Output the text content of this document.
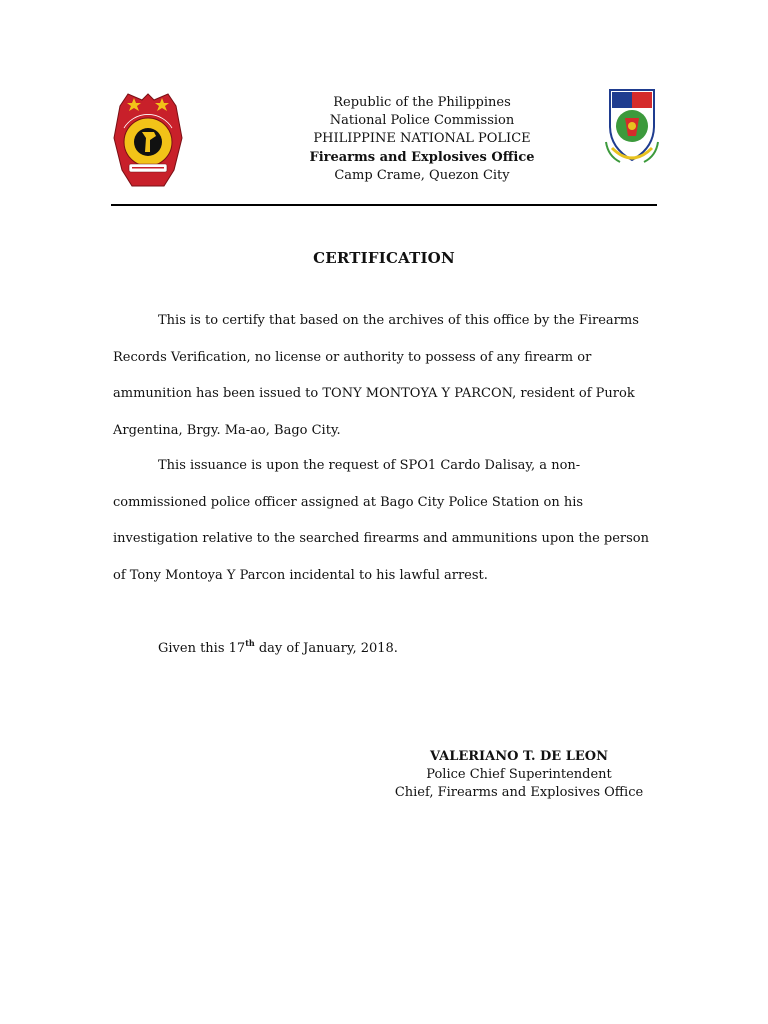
Republic of the Philippines
National Police Commission
PHILIPPINE NATIONAL POLICE
Firearms and Explosives Office
Camp Crame, Quezon City
CERTIFICATION
This is to certify that based on the archives of this office by the Firearms Records Verification, no license or authority to possess of any firearm or ammunition has been issued to TONY MONTOYA Y PARCON, resident of Purok Argentina, Brgy. Ma-ao, Bago City.
This issuance is upon the request of SPO1 Cardo Dalisay, a non-commissioned police officer assigned at Bago City Police Station on his investigation relative to the searched firearms and ammunitions upon the person of Tony Montoya Y Parcon incidental to his lawful arrest.
Given this 17th day of January, 2018.
VALERIANO T. DE LEON
Police Chief Superintendent
Chief, Firearms and Explosives Office
